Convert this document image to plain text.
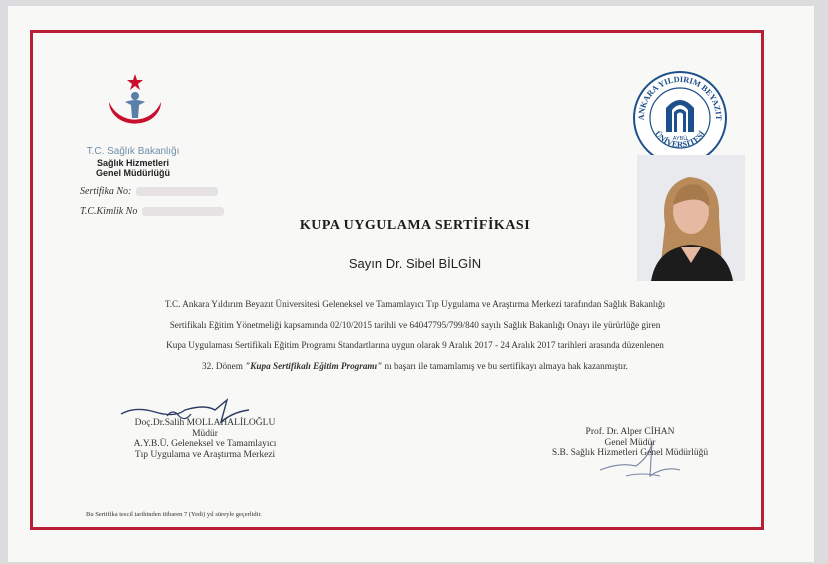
T.C. Sağlık Bakanlığı
Sağlık Hizmetleri
Genel Müdürlüğü
Sertifika No:
T.C.Kimlik No
ANKARA YILDIRIM BEYAZIT
ÜNİVERSİTESİ
AYBÜ
KUPA UYGULAMA SERTİFİKASI
Sayın Dr. Sibel BİLGİN
T.C. Ankara Yıldırım Beyazıt Üniversitesi Geleneksel ve Tamamlayıcı Tıp Uygulama ve Araştırma Merkezi tarafından Sağlık Bakanlığı
Sertifikalı Eğitim Yönetmeliği kapsamında 02/10/2015 tarihli ve 64047795/799/840 sayılı Sağlık Bakanlığı Onayı ile yürürlüğe giren
Kupa Uygulaması Sertifikalı Eğitim Programı Standartlarına uygun olarak 9 Aralık 2017 - 24 Aralık 2017 tarihleri arasında düzenlenen
32. Dönem "Kupa Sertifikalı Eğitim Programı" nı başarı ile tamamlamış ve bu sertifikayı almaya hak kazanmıştır.
Doç.Dr.Salih MOLLAHALİLOĞLU
Müdür
A.Y.B.Ü. Geleneksel ve Tamamlayıcı
Tıp Uygulama ve Araştırma Merkezi
Prof. Dr. Alper CİHAN
Genel Müdür
S.B. Sağlık Hizmetleri Genel Müdürlüğü
Bu Sertifika tescil tarihinden itibaren 7 (Yedi) yıl süreyle geçerlidir.
